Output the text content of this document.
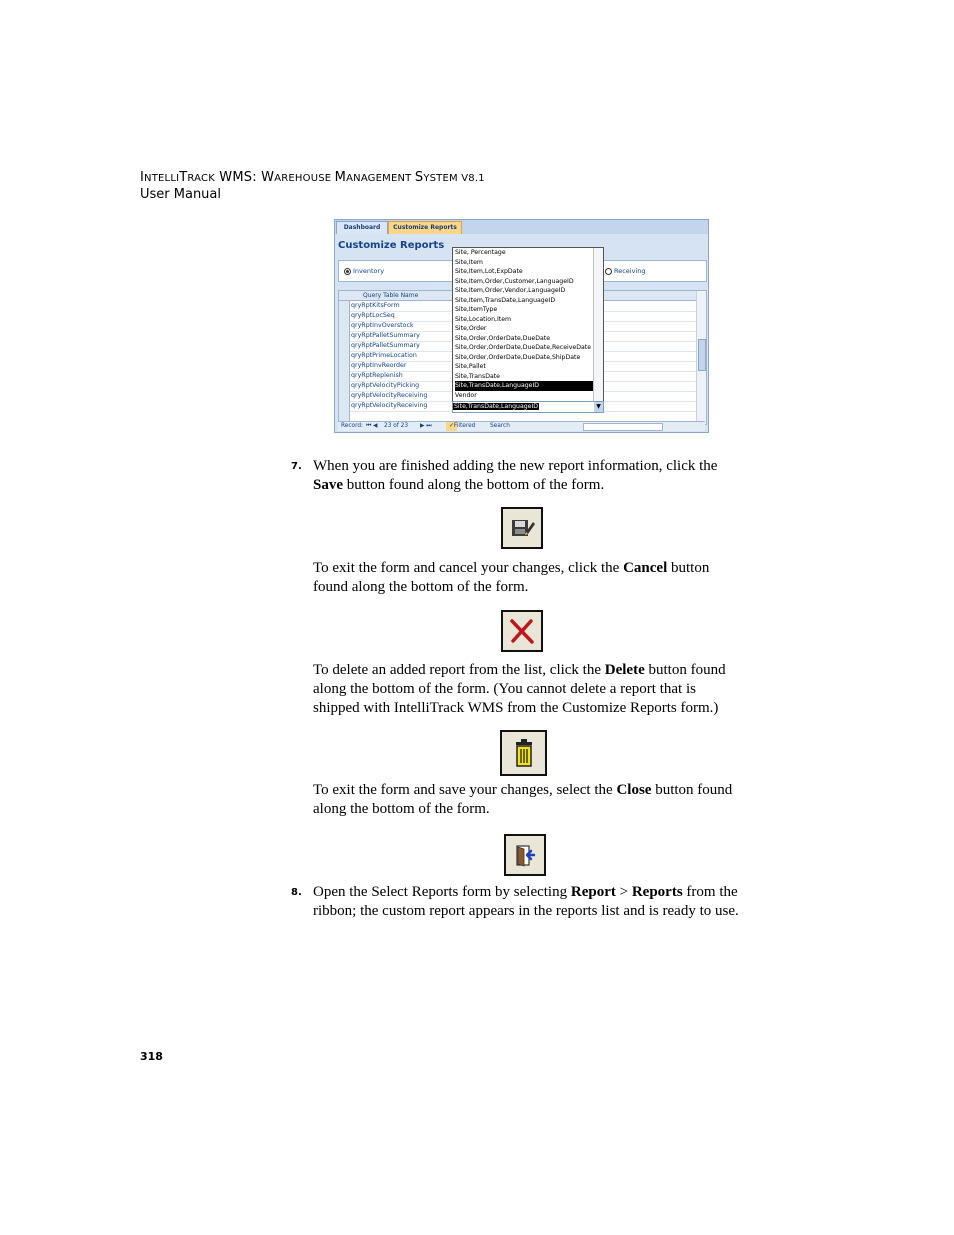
INTELLITRACK WMS: WAREHOUSE MANAGEMENT SYSTEM V8.1
User Manual
Dashboard	Customize Reports
Customize Reports
Inventory	Receiving
Query Table Name
qryRptKitsForm
qryRptLocSeq
qryRptInvOverstock
qryRptPalletSummary
qryRptPalletSummary
qryRptPrimeLocation
qryRptInvReorder
qryRptReplenish
qryRptVelocityPicking
qryRptVelocityReceiving
qryRptVelocityReceiving
Site, Percentage
Site,Item
Site,Item,Lot,ExpDate
Site,Item,Order,Customer,LanguageID
Site,Item,Order,Vendor,LanguageID
Site,Item,TransDate,LanguageID
Site,ItemType
Site,Location,Item
Site,Order
Site,Order,OrderDate,DueDate
Site,Order,OrderDate,DueDate,ReceiveDate
Site,Order,OrderDate,DueDate,ShipDate
Site,Pallet
Site,TransDate
Site,TransDate,LanguageID
Vendor
Site,TransDate,LanguageID	▼
Record: ⏮ ◀ 23 of 23 ▶ ⏭	✓ Filtered	Search
7. When you are finished adding the new report information, click the
Save button found along the bottom of the form.
To exit the form and cancel your changes, click the Cancel button
found along the bottom of the form.
To delete an added report from the list, click the Delete button found
along the bottom of the form. (You cannot delete a report that is
shipped with IntelliTrack WMS from the Customize Reports form.)
To exit the form and save your changes, select the Close button found
along the bottom of the form.
8. Open the Select Reports form by selecting Report > Reports from the
ribbon; the custom report appears in the reports list and is ready to use.
318
